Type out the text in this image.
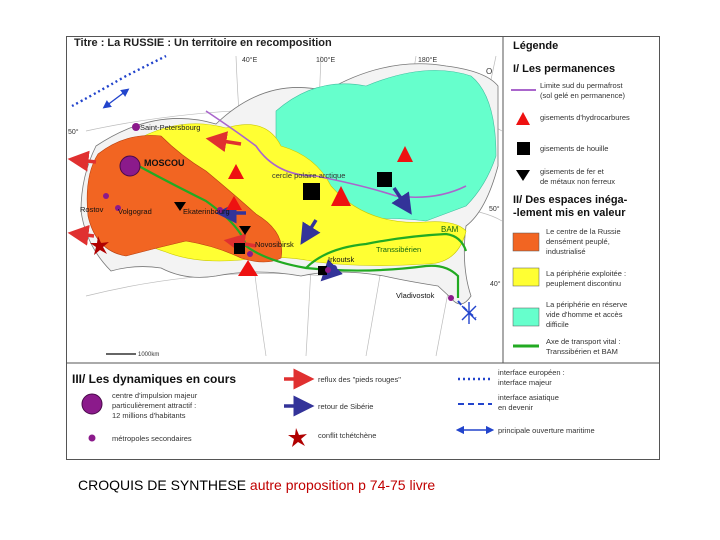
Titre : La RUSSIE : Un territoire en recomposition
Saint-Petersbourg
MOSCOU
Rostov Volgograd	Ekaterinbourg
Novosibirsk
Irkoutsk
Vladivostok
cercle polaire arctique
BAM
Transsibérien
40°E	100°E	180°E
50°
50°
40°
O
1000km
Légende
I/ Les permanences
Limite sud du permafrost
(sol gelé en permanence)
gisements d'hydrocarbures
gisements de houille
gisements de fer et
de métaux non ferreux
II/ Des espaces inéga-
-lement mis en valeur
Le centre de la Russie
densément peuplé,
industrialisé
La périphérie exploitée :
peuplement discontinu
La périphérie en réserve
vide d'homme et accès
difficile
Axe de transport vital :
Transsibérien et BAM
III/ Les dynamiques en cours
centre d'impulsion majeur
particulièrement attractif :
12 millions d'habitants
métropoles secondaires
reflux des "pieds rouges"
retour de Sibérie
conflit tchétchène
interface européen :
interface majeur
interface asiatique
en devenir
principale ouverture maritime
CROQUIS DE SYNTHESE autre proposition p 74-75 livre
